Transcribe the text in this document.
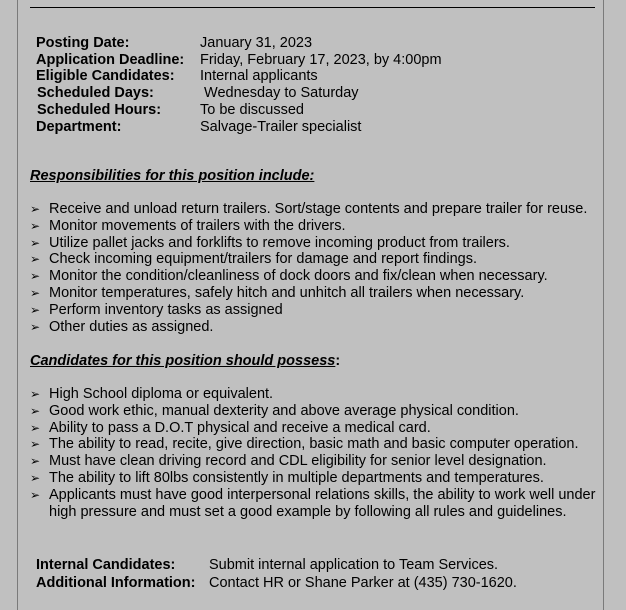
Posting Date:	January 31, 2023
Application Deadline: Friday, February 17, 2023, by 4:00pm
Eligible Candidates: Internal applicants
Scheduled Days:	Wednesday to Saturday
Scheduled Hours:	To be discussed
Department:	Salvage-Trailer specialist
Responsibilities for this position include:
➢ Receive and unload return trailers. Sort/stage contents and prepare trailer for reuse.
➢ Monitor movements of trailers with the drivers.
➢ Utilize pallet jacks and forklifts to remove incoming product from trailers.
➢ Check incoming equipment/trailers for damage and report findings.
➢ Monitor the condition/cleanliness of dock doors and fix/clean when necessary.
➢ Monitor temperatures, safely hitch and unhitch all trailers when necessary.
➢ Perform inventory tasks as assigned
➢ Other duties as assigned.
Candidates for this position should possess:
➢ High School diploma or equivalent.
➢ Good work ethic, manual dexterity and above average physical condition.
➢ Ability to pass a D.O.T physical and receive a medical card.
➢ The ability to read, recite, give direction, basic math and basic computer operation.
➢ Must have clean driving record and CDL eligibility for senior level designation.
➢ The ability to lift 80lbs consistently in multiple departments and temperatures.
➢ Applicants must have good interpersonal relations skills, the ability to work well under high pressure and must set a good example by following all rules and guidelines.
Internal Candidates: Submit internal application to Team Services.
Additional Information: Contact HR or Shane Parker at (435) 730-1620.
